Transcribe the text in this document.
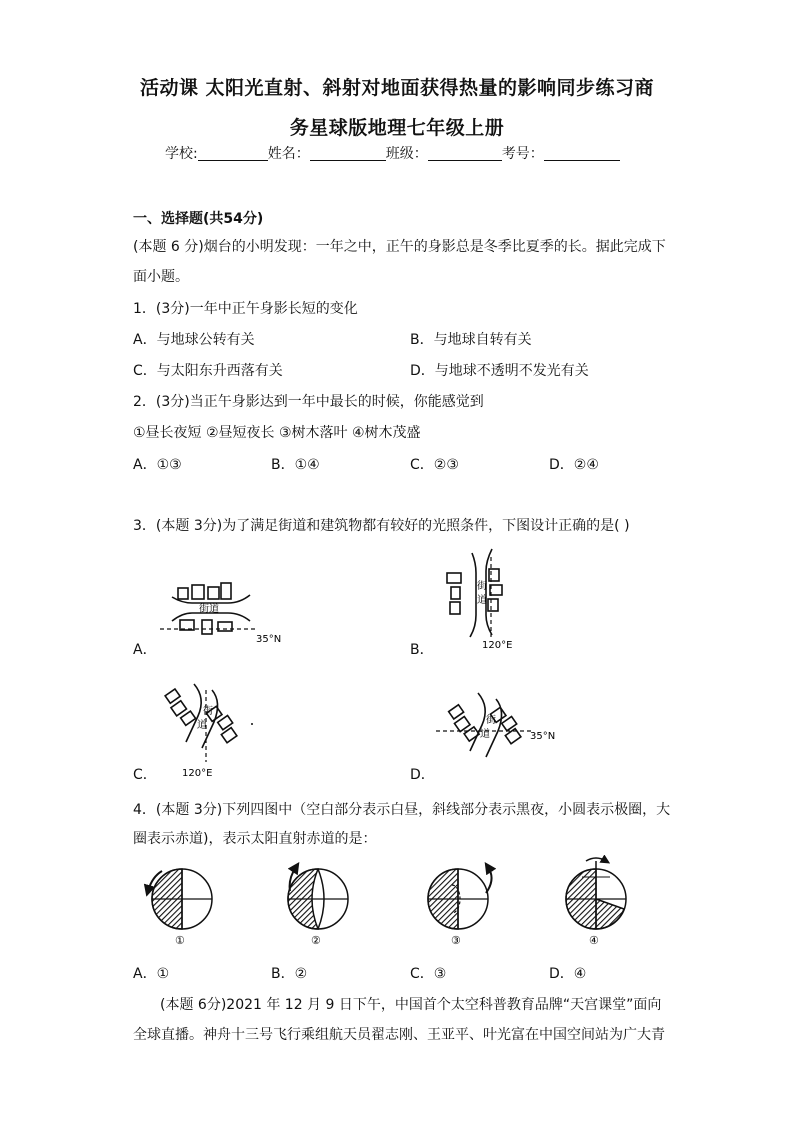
活动课 太阳光直射、斜射对地面获得热量的影响同步练习商
务星球版地理七年级上册
学校:	姓名：	班级：	考号：
一、选择题(共54分)
(本题 6 分)烟台的小明发现：一年之中，正午的身影总是冬季比夏季的长。据此完成下
面小题。
1．(3分)一年中正午身影长短的变化
A．与地球公转有关	B．与地球自转有关
C．与太阳东升西落有关	D．与地球不透明不发光有关
2．(3分)当正午身影达到一年中最长的时候，你能感觉到
①昼长夜短 ②昼短夜长 ③树木落叶 ④树木茂盛
A．①③	B．①④	C．②③	D．②④
3．(本题 3分)为了满足街道和建筑物都有较好的光照条件，下图设计正确的是( )
A．
街道
35°N
B．
街
道
120°E
C．
街
道
120°E	D．
街
道	35°N
4．(本题 3分)下列四图中（空白部分表示白昼，斜线部分表示黑夜，小圆表示极圈，大
圈表示赤道)，表示太阳直射赤道的是：
①	②	③	④
A．①	B．②	C．③	D．④
(本题 6分)2021 年 12 月 9 日下午，中国首个太空科普教育品牌“天宫课堂”面向
全球直播。神舟十三号飞行乘组航天员翟志刚、王亚平、叶光富在中国空间站为广大青
